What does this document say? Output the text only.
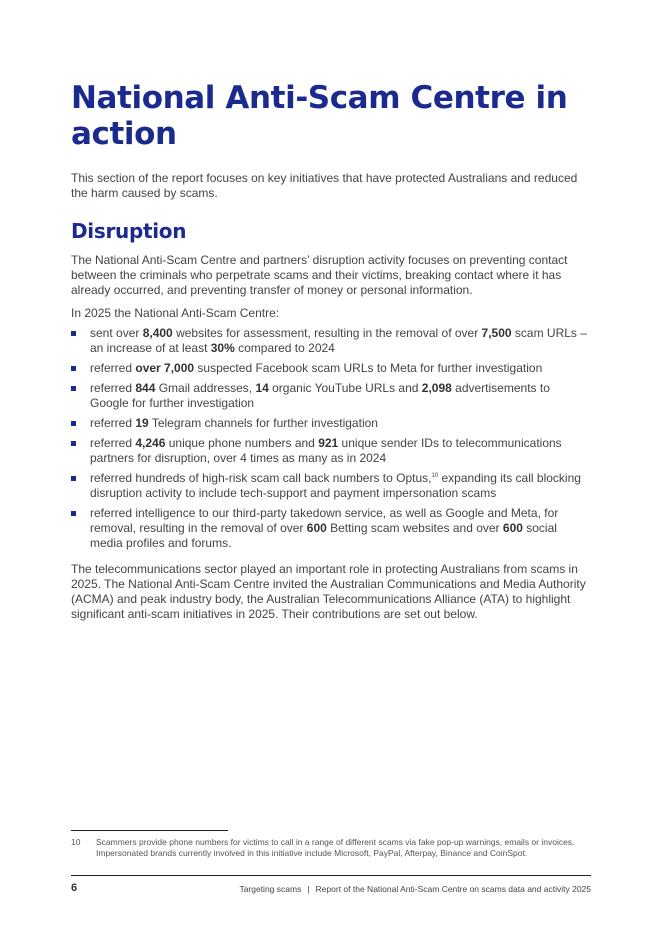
National Anti-Scam Centre in action

This section of the report focuses on key initiatives that have protected Australians and reduced the harm caused by scams.

Disruption

The National Anti-Scam Centre and partners’ disruption activity focuses on preventing contact between the criminals who perpetrate scams and their victims, breaking contact where it has already occurred, and preventing transfer of money or personal information.

In 2025 the National Anti-Scam Centre:

sent over 8,400 websites for assessment, resulting in the removal of over 7,500 scam URLs – an increase of at least 30% compared to 2024
referred over 7,000 suspected Facebook scam URLs to Meta for further investigation
referred 844 Gmail addresses, 14 organic YouTube URLs and 2,098 advertisements to Google for further investigation
referred 19 Telegram channels for further investigation
referred 4,246 unique phone numbers and 921 unique sender IDs to telecommunications partners for disruption, over 4 times as many as in 2024
referred hundreds of high-risk scam call back numbers to Optus,$^{10}$ expanding its call blocking disruption activity to include tech-support and payment impersonation scams
referred intelligence to our third-party takedown service, as well as Google and Meta, for removal, resulting in the removal of over 600 Betting scam websites and over 600 social media profiles and forums.

The telecommunications sector played an important role in protecting Australians from scams in 2025. The National Anti-Scam Centre invited the Australian Communications and Media Authority (ACMA) and peak industry body, the Australian Telecommunications Alliance (ATA) to highlight significant anti-scam initiatives in 2025. Their contributions are set out below.

10 Scammers provide phone numbers for victims to call in a range of different scams via fake pop-up warnings, emails or invoices. Impersonated brands currently involved in this initiative include Microsoft, PayPal, Afterpay, Binance and CoinSpot.
6	Targeting scams | Report of the National Anti-Scam Centre on scams data and activity 2025
